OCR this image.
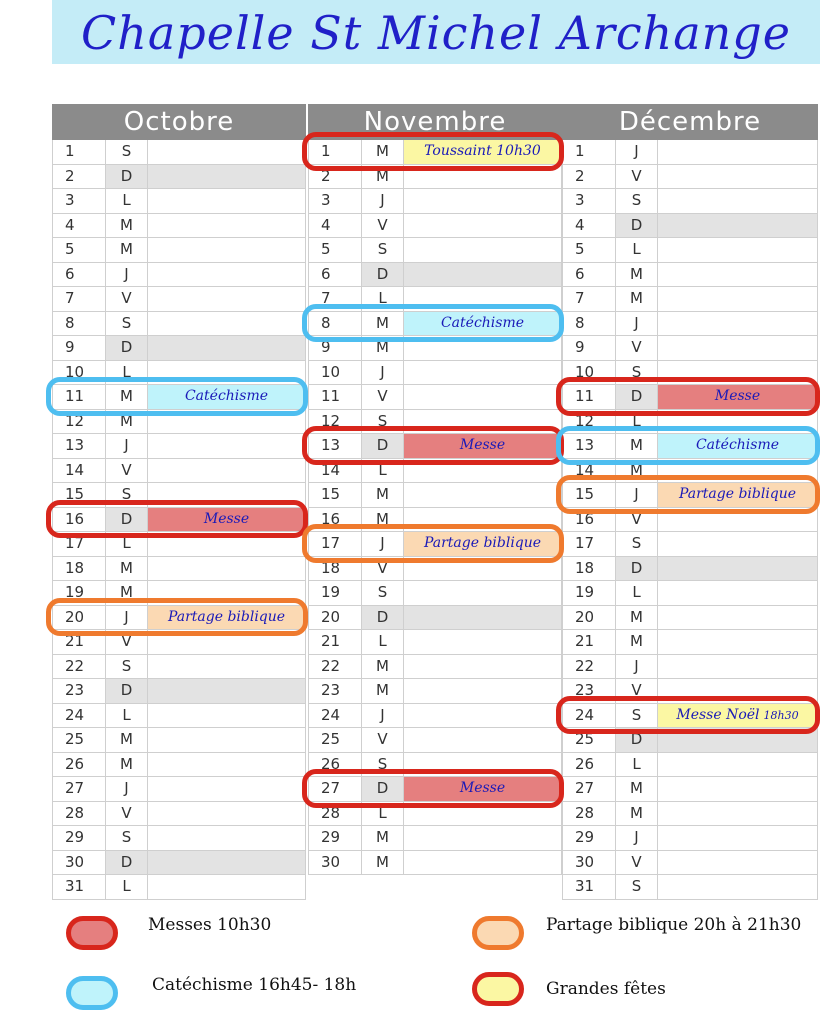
Chapelle St Michel Archange
Décembre
1	J
2	V
3	S
4	D
5	L
6	M
7	M
8	J
9	V
10	S
11	D	Messe
12	L
13	M	Catéchisme
14	M
15	J	Partage biblique
16	V
17	S
18	D
19	L
20	M
21	M
22	J
23	V
24	S	Messe Noël 18h30
25	D
26	L
27	M
28	M
29	J
30	V
31	S
Novembre
1	M	Toussaint 10h30
2	M
3	J
4	V
5	S
6	D
7	L
8	M	Catéchisme
9	M
10	J
11	V
12	S
13	D	Messe
14	L
15	M
16	M
17	J	Partage biblique
18	V
19	S
20	D
21	L
22	M
23	M
24	J
25	V
26	S
27	D	Messe
28	L
29	M
30	M
Octobre
1	S
2	D
3	L
4	M
5	M
6	J
7	V
8	S
9	D
10	L
11	M	Catéchisme
12	M
13	J
14	V
15	S
16	D	Messe
17	L
18	M
19	M
20	J	Partage biblique
21	V
22	S
23	D
24	L
25	M
26	M
27	J
28	V
29	S
30	D
31	L
Messes 10h30
Catéchisme 16h45- 18h
Partage biblique 20h à 21h30
Grandes fêtes
